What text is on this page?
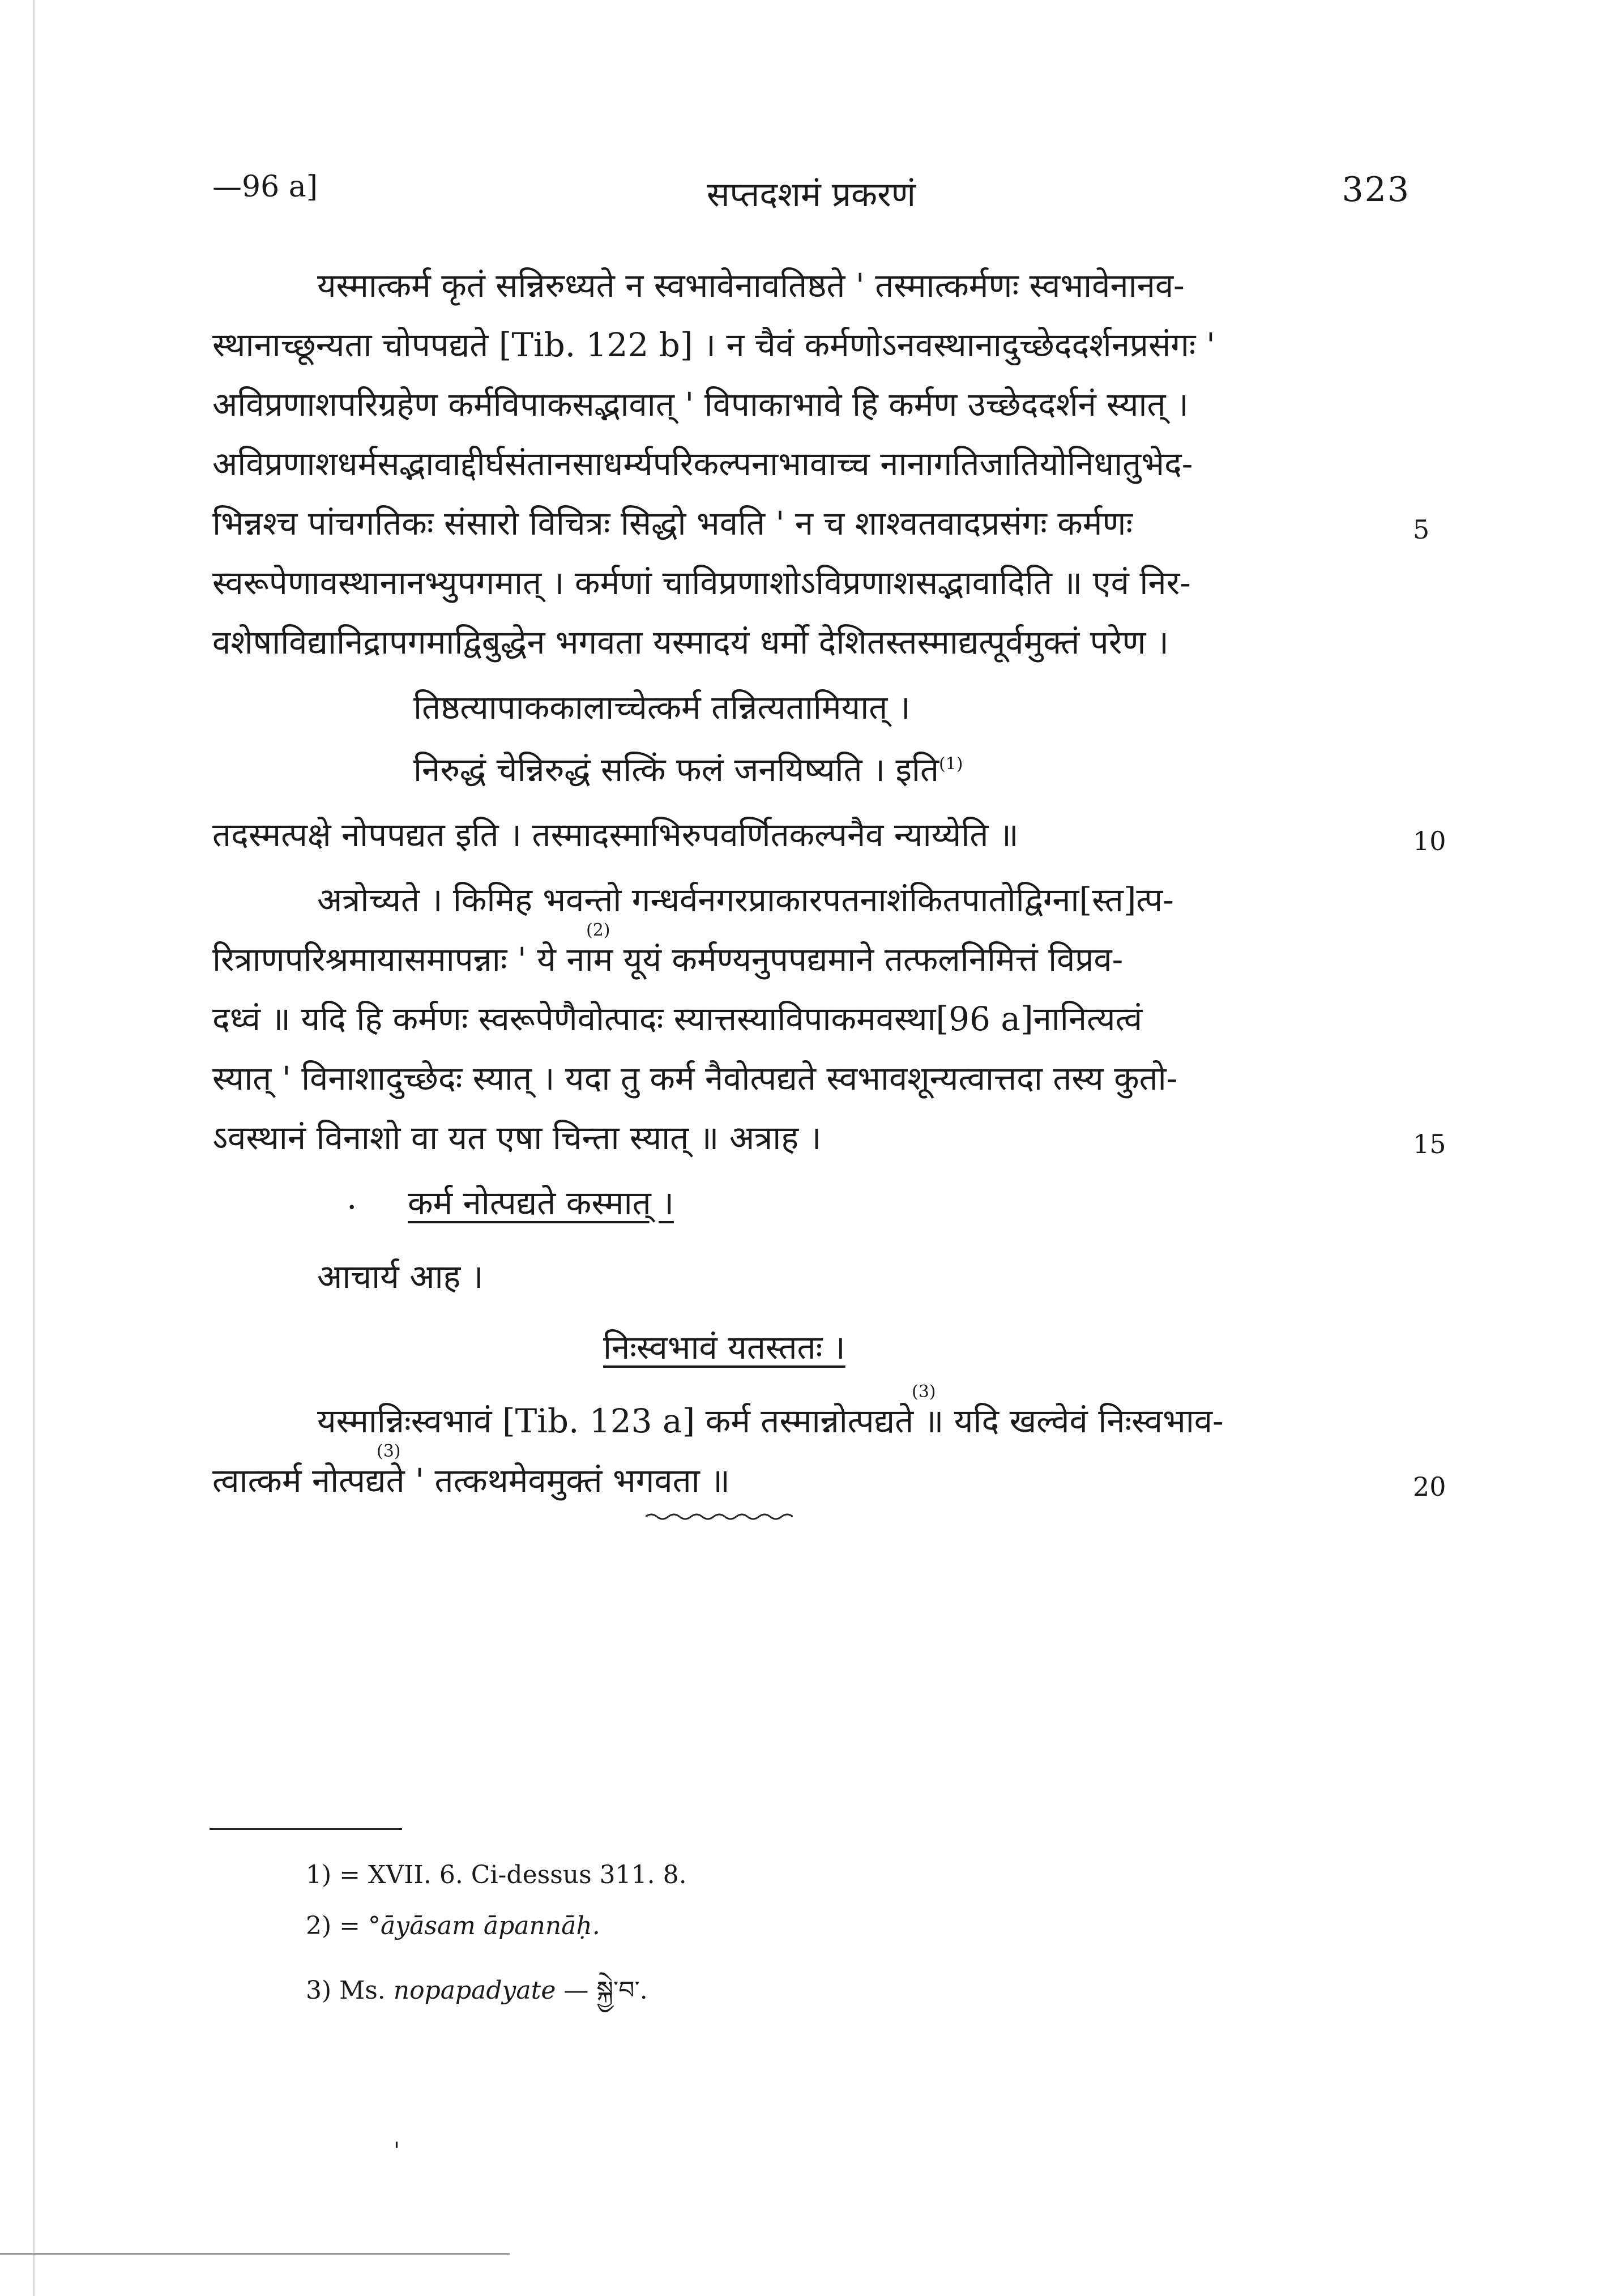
—96 a]	सप्तदशमं प्रकरणं	323
यस्मात्कर्म कृतं सन्निरुध्यते न स्वभावेनावतिष्ठते ' तस्मात्कर्मणः स्वभावेनानव-
स्थानाच्छून्यता चोपपद्यते [Tib. 122 b] । न चैवं कर्मणोऽनवस्थानादुच्छेददर्शनप्रसंगः '
अविप्रणाशपरिग्रहेण कर्मविपाकसद्भावात् ' विपाकाभावे हि कर्मण उच्छेददर्शनं स्यात् ।
अविप्रणाशधर्मसद्भावाद्दीर्घसंतानसाधर्म्यपरिकल्पनाभावाच्च नानागतिजातियोनिधातुभेद-
भिन्नश्च पांचगतिकः संसारो विचित्रः सिद्धो भवति ' न च शाश्वतवादप्रसंगः कर्मणः	5
स्वरूपेणावस्थानानभ्युपगमात् । कर्मणां चाविप्रणाशोऽविप्रणाशसद्भावादिति ॥ एवं निर-
वशेषाविद्यानिद्रापगमाद्विबुद्धेन भगवता यस्मादयं धर्मो देशितस्तस्माद्यत्पूर्वमुक्तं परेण ।
तिष्ठत्यापाककालाच्चेत्कर्म तन्नित्यतामियात् ।
निरुद्धं चेन्निरुद्धं सत्किं फलं जनयिष्यति । इति$^{(1)}$
तदस्मत्पक्षे नोपपद्यत इति । तस्मादस्माभिरुपवर्णितकल्पनैव न्याय्येति ॥	10
अत्रोच्यते । किमिह भवन्तो गन्धर्वनगरप्राकारपतनाशंकितपातोद्विग्ना[स्त]त्प-
रित्राणपरिश्रमायासमापन्नाः ' ये नाम यूयं कर्मण्यनुपपद्यमाने तत्फलनिमित्तं विप्रव-
(2)
दध्वं ॥ यदि हि कर्मणः स्वरूपेणैवोत्पादः स्यात्तस्याविपाकमवस्था[96 a]नानित्यत्वं
स्यात् ' विनाशादुच्छेदः स्यात् । यदा तु कर्म नैवोत्पद्यते स्वभावशून्यत्वात्तदा तस्य कुतो-
ऽवस्थानं विनाशो वा यत एषा चिन्ता स्यात् ॥ अत्राह ।	15
. कर्म नोत्पद्यते कस्मात् ।
आचार्य आह ।
निःस्वभावं यतस्ततः ।
(3)
यस्मान्निःस्वभावं [Tib. 123 a] कर्म तस्मान्नोत्पद्यते ॥ यदि खल्वेवं निःस्वभाव-
(3)
त्वात्कर्म नोत्पद्यते ' तत्कथमेवमुक्तं भगवता ॥	20
1) = XVII. 6. Ci-dessus 311. 8.
2) = °āyāsam āpannāḥ.
3) Ms. nopapadyate — སྐྱེ་བ་.
'
